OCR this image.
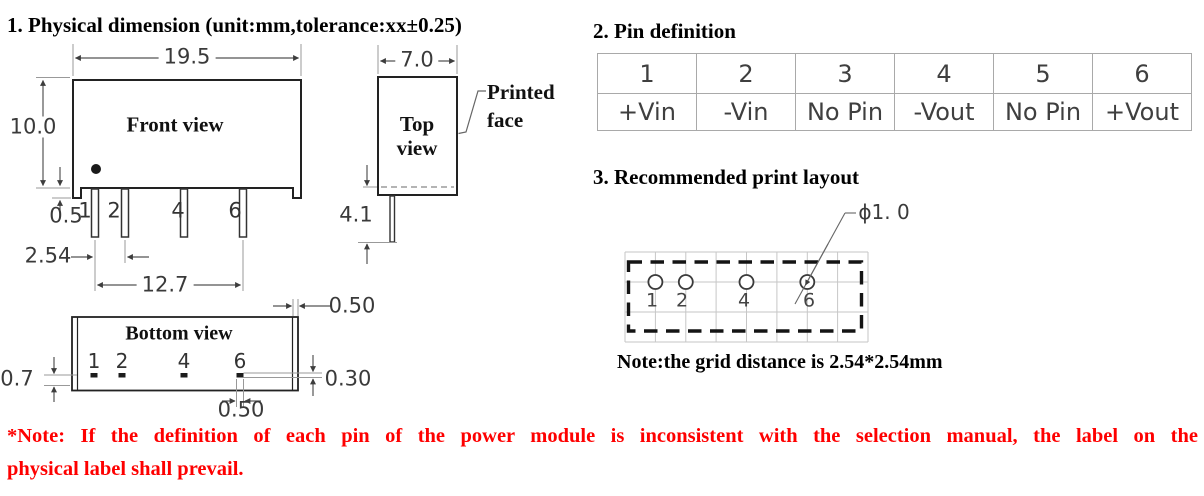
1. Physical dimension (unit:mm,tolerance:xx±0.25)	2. Pin definition
3. Recommended print layout
Note:the grid distance is 2.54*2.54mm
Front view	Top view
Bottom view
Printed face
19.5
10.0
0.5
2.54
12.7
7.0
4.1
0.7	0.30
0.50
0.50
ϕ1. 0
1 2 4 6
1 2 4 6
1 2	4	6
1	2	3	4	5	6
+Vin	-Vin	No Pin	-Vout	No Pin	+Vout
*Note: If the definition of each pin of the power module is inconsistent with the selection manual, the label on the
physical label shall prevail.
